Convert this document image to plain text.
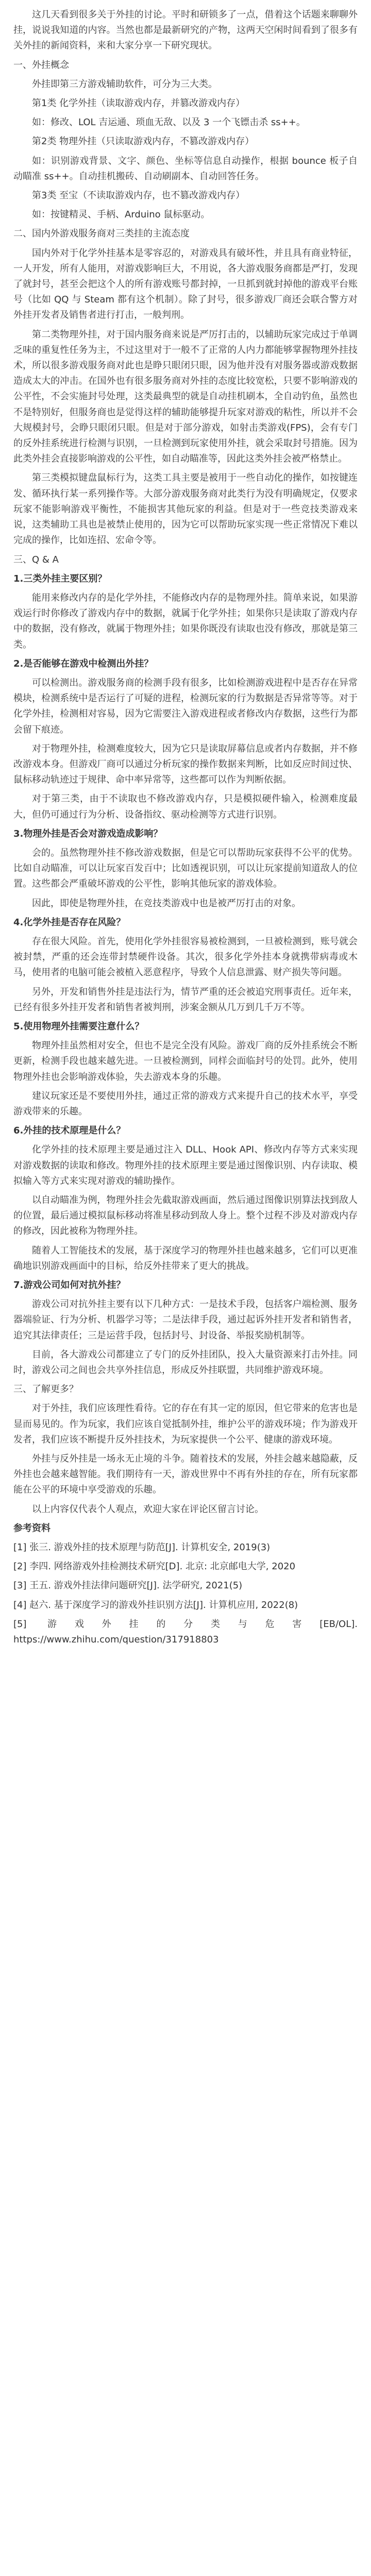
这几天看到很多关于外挂的讨论。平时和研锁多了一点，借着这个话题来聊聊外挂，说说我知道的内容。当然也都是最新研究的产物，这两天空闲时间看到了很多有关外挂的新闻资料，来和大家分享一下研究现状。

一、外挂概念

外挂即第三方游戏辅助软件，可分为三大类。

第1类 化学外挂（读取游戏内存，并篡改游戏内存）

如：修改、LOL 吉运通、琐血无敌、以及 3 一个飞镖击杀 ss++。

第2类 物理外挂（只读取游戏内存，不篡改游戏内存）

如：识别游戏背景、文字、颜色、坐标等信息自动操作，根据 bounce 板子自动瞄准 ss++。自动挂机搬砖、自动刷副本、自动回答任务。

第3类 至宝（不读取游戏内存，也不篡改游戏内存）

如：按键精灵、手柄、Arduino 鼠标驱动。

二、国内外游戏服务商对三类挂的主流态度

国内外对于化学外挂基本是零容忍的，对游戏具有破坏性，并且具有商业特征，一人开发，所有人能用，对游戏影响巨大，不用说，各大游戏服务商都是严打，发现了就封号，甚至会把这个人的所有游戏账号都封掉，一旦抓到就封掉他的游戏平台账号（比如 QQ 与 Steam 都有这个机制）。除了封号，很多游戏厂商还会联合警方对外挂开发者及销售者进行打击，一般判刑。

第二类物理外挂，对于国内服务商来说是严厉打击的，以辅助玩家完成过于单调乏味的重复性任务为主，不过这里对于一般不了正常的人内力都能够掌握物理外挂技术，所以很多游戏服务商对此也是睁只眼闭只眼，因为他并没有对服务器或游戏数据造成太大的冲击。在国外也有很多服务商对外挂的态度比较宽松，只要不影响游戏的公平性，不会实施封号处理，这类最典型的就是自动挂机刷本，全自动钓鱼，虽然也不是特别好，但服务商也是觉得这样的辅助能够提升玩家对游戏的粘性，所以并不会大规模封号，会睁只眼闭只眼。但是对于部分游戏，如射击类游戏(FPS)，会有专门的反外挂系统进行检测与识别，一旦检测到玩家使用外挂，就会采取封号措施。因为此类外挂会直接影响游戏的公平性，如自动瞄准等，因此这类外挂会被严格禁止。

第三类模拟键盘鼠标行为，这类工具主要是被用于一些自动化的操作，如按键连发、循环执行某一系列操作等。大部分游戏服务商对此类行为没有明确规定，仅要求玩家不能影响游戏平衡性，不能损害其他玩家的利益。但是对于一些竞技类游戏来说，这类辅助工具也是被禁止使用的，因为它可以帮助玩家实现一些正常情况下难以完成的操作，比如连招、宏命令等。

三、Q & A
1.三类外挂主要区别？

能用来修改内存的是化学外挂，不能修改内存的是物理外挂。简单来说，如果游戏运行时你修改了游戏内存中的数据，就属于化学外挂；如果你只是读取了游戏内存中的数据，没有修改，就属于物理外挂；如果你既没有读取也没有修改，那就是第三类。

2.是否能够在游戏中检测出外挂？

可以检测出。游戏服务商的检测手段有很多，比如检测游戏进程中是否存在异常模块，检测系统中是否运行了可疑的进程，检测玩家的行为数据是否异常等等。对于化学外挂，检测相对容易，因为它需要注入游戏进程或者修改内存数据，这些行为都会留下痕迹。

对于物理外挂，检测难度较大，因为它只是读取屏幕信息或者内存数据，并不修改游戏本身。但游戏厂商可以通过分析玩家的操作数据来判断，比如反应时间过快、鼠标移动轨迹过于规律、命中率异常等，这些都可以作为判断依据。

对于第三类，由于不读取也不修改游戏内存，只是模拟硬件输入，检测难度最大，但仍可通过行为分析、设备指纹、驱动检测等方式进行识别。

3.物理外挂是否会对游戏造成影响？

会的。虽然物理外挂不修改游戏数据，但是它可以帮助玩家获得不公平的优势。比如自动瞄准，可以让玩家百发百中；比如透视识别，可以让玩家提前知道敌人的位置。这些都会严重破坏游戏的公平性，影响其他玩家的游戏体验。

因此，即使是物理外挂，在竞技类游戏中也是被严厉打击的对象。

4.化学外挂是否存在风险？

存在很大风险。首先，使用化学外挂很容易被检测到，一旦被检测到，账号就会被封禁，严重的还会连带封禁硬件设备。其次，很多化学外挂本身就携带病毒或木马，使用者的电脑可能会被植入恶意程序，导致个人信息泄露、财产损失等问题。

另外，开发和销售外挂是违法行为，情节严重的还会被追究刑事责任。近年来，已经有很多外挂开发者和销售者被判刑，涉案金额从几万到几千万不等。

5.使用物理外挂需要注意什么？

物理外挂虽然相对安全，但也不是完全没有风险。游戏厂商的反外挂系统会不断更新，检测手段也越来越先进。一旦被检测到，同样会面临封号的处罚。此外，使用物理外挂也会影响游戏体验，失去游戏本身的乐趣。

建议玩家还是不要使用外挂，通过正常的游戏方式来提升自己的技术水平，享受游戏带来的乐趣。

6.外挂的技术原理是什么？

化学外挂的技术原理主要是通过注入 DLL、Hook API、修改内存等方式来实现对游戏数据的读取和修改。物理外挂的技术原理主要是通过图像识别、内存读取、模拟输入等方式来实现对游戏的辅助操作。

以自动瞄准为例，物理外挂会先截取游戏画面，然后通过图像识别算法找到敌人的位置，最后通过模拟鼠标移动将准星移动到敌人身上。整个过程不涉及对游戏内存的修改，因此被称为物理外挂。

随着人工智能技术的发展，基于深度学习的物理外挂也越来越多，它们可以更准确地识别游戏画面中的目标，给反外挂带来了更大的挑战。

7.游戏公司如何对抗外挂？

游戏公司对抗外挂主要有以下几种方式：一是技术手段，包括客户端检测、服务器端验证、行为分析、机器学习等；二是法律手段，通过起诉外挂开发者和销售者，追究其法律责任；三是运营手段，包括封号、封设备、举报奖励机制等。

目前，各大游戏公司都建立了专门的反外挂团队，投入大量资源来打击外挂。同时，游戏公司之间也会共享外挂信息，形成反外挂联盟，共同维护游戏环境。

三、了解更多？

对于外挂，我们应该理性看待。它的存在有其一定的原因，但它带来的危害也是显而易见的。作为玩家，我们应该自觉抵制外挂，维护公平的游戏环境；作为游戏开发者，我们应该不断提升反外挂技术，为玩家提供一个公平、健康的游戏环境。

外挂与反外挂是一场永无止境的斗争。随着技术的发展，外挂会越来越隐蔽，反外挂也会越来越智能。我们期待有一天，游戏世界中不再有外挂的存在，所有玩家都能在公平的环境中享受游戏的乐趣。

以上内容仅代表个人观点，欢迎大家在评论区留言讨论。

参考资料

[1] 张三. 游戏外挂的技术原理与防范[J]. 计算机安全, 2019(3)

[2] 李四. 网络游戏外挂检测技术研究[D]. 北京: 北京邮电大学, 2020

[3] 王五. 游戏外挂法律问题研究[J]. 法学研究, 2021(5)

[4] 赵六. 基于深度学习的游戏外挂识别方法[J]. 计算机应用, 2022(8)

[5] 游戏外挂的分类与危害[EB/OL]. https://www.zhihu.com/question/317918803
